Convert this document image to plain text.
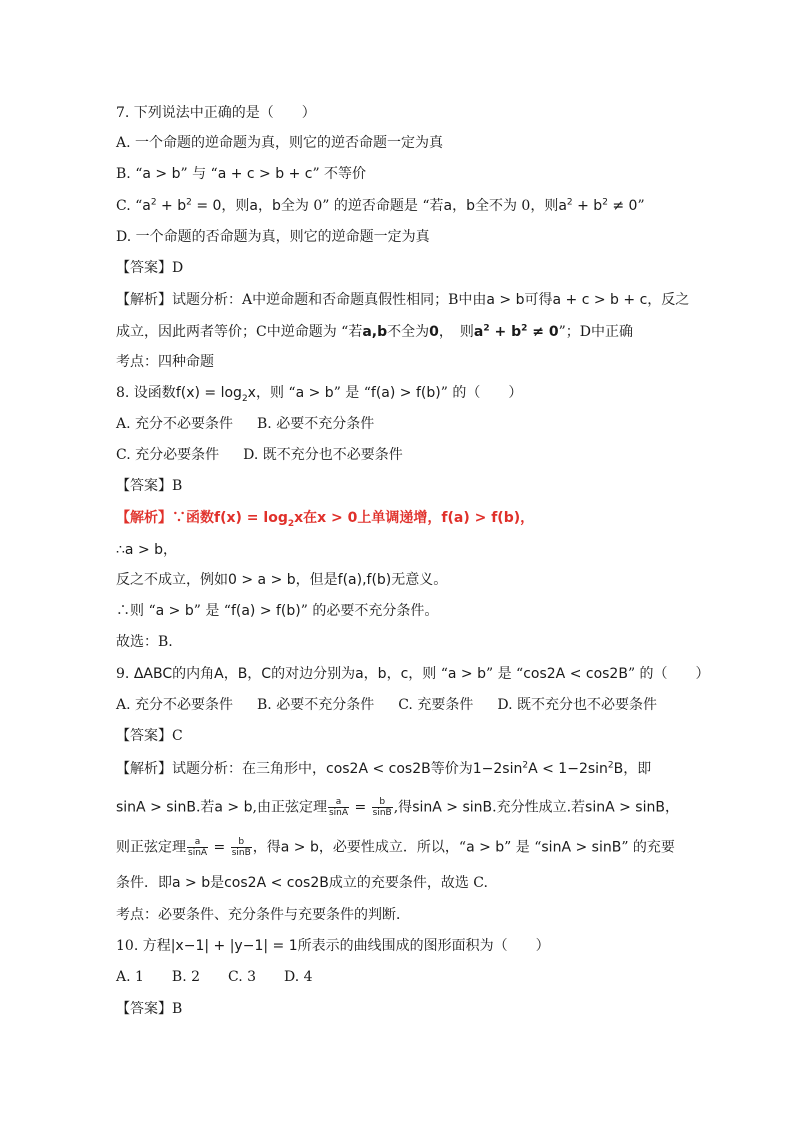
7. 下列说法中正确的是（　　）
A. 一个命题的逆命题为真，则它的逆否命题一定为真
B. “a > b” 与 “a + c > b + c” 不等价
C. “$a^2 + b^2 = 0$，则a，b全为 0” 的逆否命题是 “若a，b全不为 0，则$a^2 + b^2 \ne 0$”
D. 一个命题的否命题为真，则它的逆命题一定为真
【答案】D
【解析】试题分析：A中逆命题和否命题真假性相同；B中由a > b可得a + c > b + c，反之
成立，因此两者等价；C中逆命题为 “若a,b不全为0，　则$a^2 + b^2 \ne 0$”；D中正确
考点：四种命题
8. 设函数$f(x) = \log_2x$，则 “a > b” 是 “f(a) > f(b)” 的（　　）
A. 充分不必要条件 B. 必要不充分条件
C. 充分必要条件 D. 既不充分也不必要条件
【答案】B
【解析】∵函数$f(x) = \log_2x$在x > 0上单调递增，f(a) > f(b)，
∴a > b，
反之不成立，例如0 > a > b，但是f(a),f(b)无意义。
∴则 “a > b” 是 “f(a) > f(b)” 的必要不充分条件。
故选：B.
9. ΔABC的内角A，B，C的对边分别为a，b，c，则 “a > b” 是 “cos2A < cos2B” 的（　　）
A. 充分不必要条件 B. 必要不充分条件 C. 充要条件 D. 既不充分也不必要条件
【答案】C
【解析】试题分析：在三角形中，cos2A < cos2B等价为$1-2\sin^2A < 1-2\sin^2B$，即
sinA > sinB.若a > b,由正弦定理 $\frac{a}{\sin A} = \frac{b}{\sin B}$ ,得sinA > sinB.充分性成立.若sinA > sinB，
则正弦定理 $\frac{a}{\sin A} = \frac{b}{\sin B}$ ，得a > b，必要性成立．所以，“a > b” 是 “sinA > sinB” 的充要
条件．即a > b是cos2A < cos2B成立的充要条件，故选 C.
考点：必要条件、充分条件与充要条件的判断．
10. 方程|x−1| + |y−1| = 1所表示的曲线围成的图形面积为（　　）
A. 1　　B. 2　　C. 3　　D. 4
【答案】B
